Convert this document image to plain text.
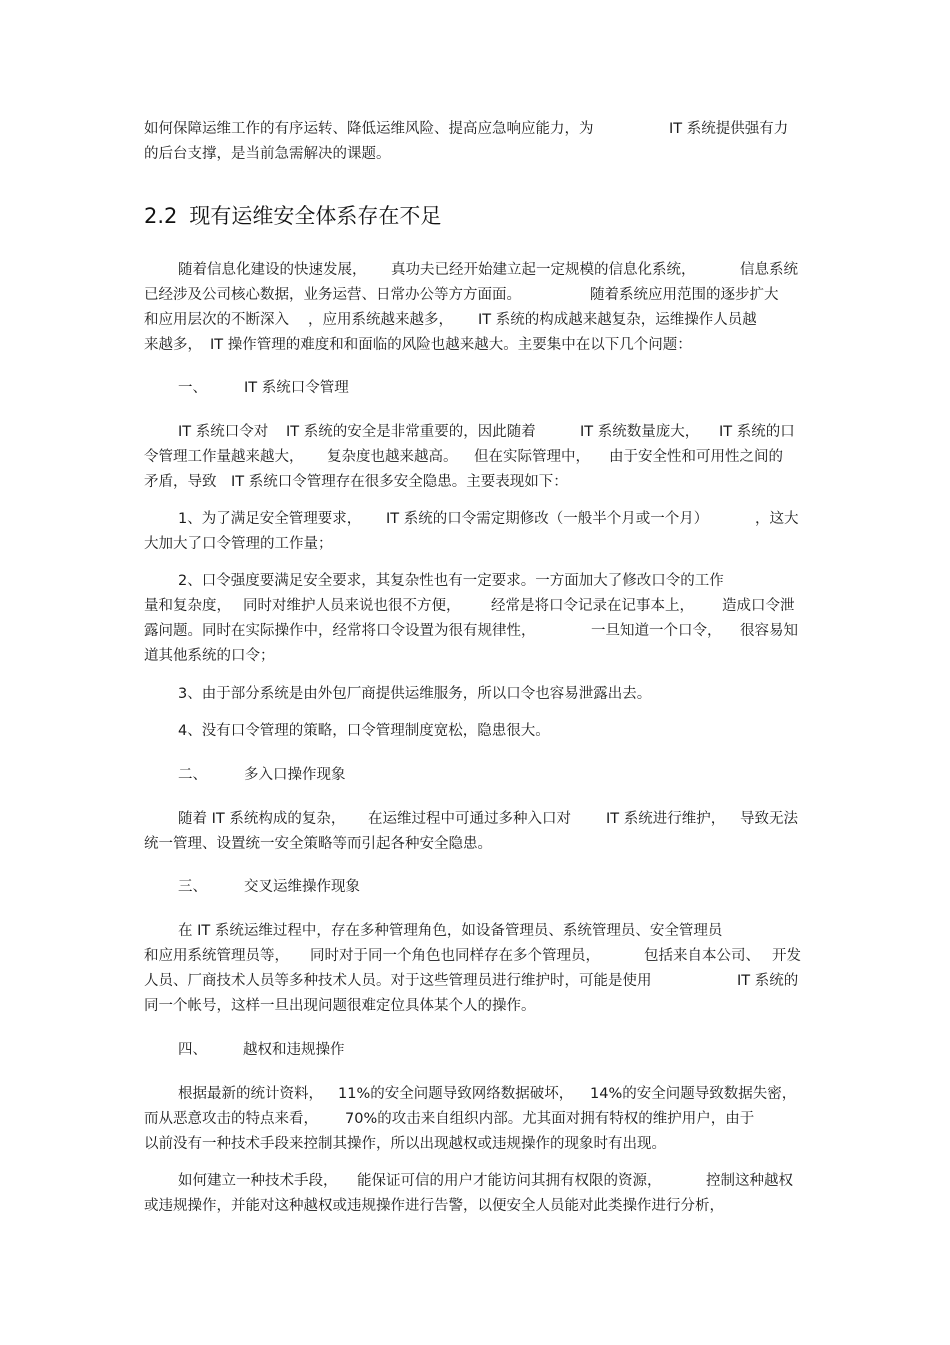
如何保障运维工作的有序运转、降低运维风险、提高应急响应能力，为	IT 系统提供强有力
的后台支撑，是当前急需解决的课题。
2.2 现有运维安全体系存在不足
随着信息化建设的快速发展， 真功夫已经开始建立起一定规模的信息化系统，	信息系统
已经涉及公司核心数据，业务运营、日常办公等方方面面。	随着系统应用范围的逐步扩大
和应用层次的不断深入 ，应用系统越来越多， IT 系统的构成越来越复杂，运维操作人员越
来越多， IT 操作管理的难度和和面临的风险也越来越大。主要集中在以下几个问题：
一、	IT 系统口令管理
IT 系统口令对 IT 系统的安全是非常重要的，因此随着	IT 系统数量庞大， IT 系统的口
令管理工作量越来越大， 复杂度也越来越高。 但在实际管理中， 由于安全性和可用性之间的
矛盾，导致 IT 系统口令管理存在很多安全隐患。主要表现如下：
1、为了满足安全管理要求， IT 系统的口令需定期修改（一般半个月或一个月）	，这大
大加大了口令管理的工作量；
2、口令强度要满足安全要求，其复杂性也有一定要求。一方面加大了修改口令的工作
量和复杂度， 同时对维护人员来说也很不方便， 经常是将口令记录在记事本上， 造成口令泄
露问题。同时在实际操作中，经常将口令设置为很有规律性，	一旦知道一个口令， 很容易知
道其他系统的口令；
3、由于部分系统是由外包厂商提供运维服务，所以口令也容易泄露出去。
4、没有口令管理的策略，口令管理制度宽松，隐患很大。
二、	多入口操作现象
随着 IT 系统构成的复杂， 在运维过程中可通过多种入口对 IT 系统进行维护， 导致无法
统一管理、设置统一安全策略等而引起各种安全隐患。
三、	交叉运维操作现象
在 IT 系统运维过程中，存在多种管理角色，如设备管理员、系统管理员、安全管理员
和应用系统管理员等， 同时对于同一个角色也同样存在多个管理员，	包括来自本公司、 开发
人员、厂商技术人员等多种技术人员。对于这些管理员进行维护时，可能是使用	IT 系统的
同一个帐号，这样一旦出现问题很难定位具体某个人的操作。
四、 越权和违规操作
根据最新的统计资料， 11%的安全问题导致网络数据破坏， 14%的安全问题导致数据失密，
而从恶意攻击的特点来看， 70%的攻击来自组织内部。尤其面对拥有特权的维护用户，由于
以前没有一种技术手段来控制其操作，所以出现越权或违规操作的现象时有出现。
如何建立一种技术手段， 能保证可信的用户才能访问其拥有权限的资源，	控制这种越权
或违规操作，并能对这种越权或违规操作进行告警，以便安全人员能对此类操作进行分析，
